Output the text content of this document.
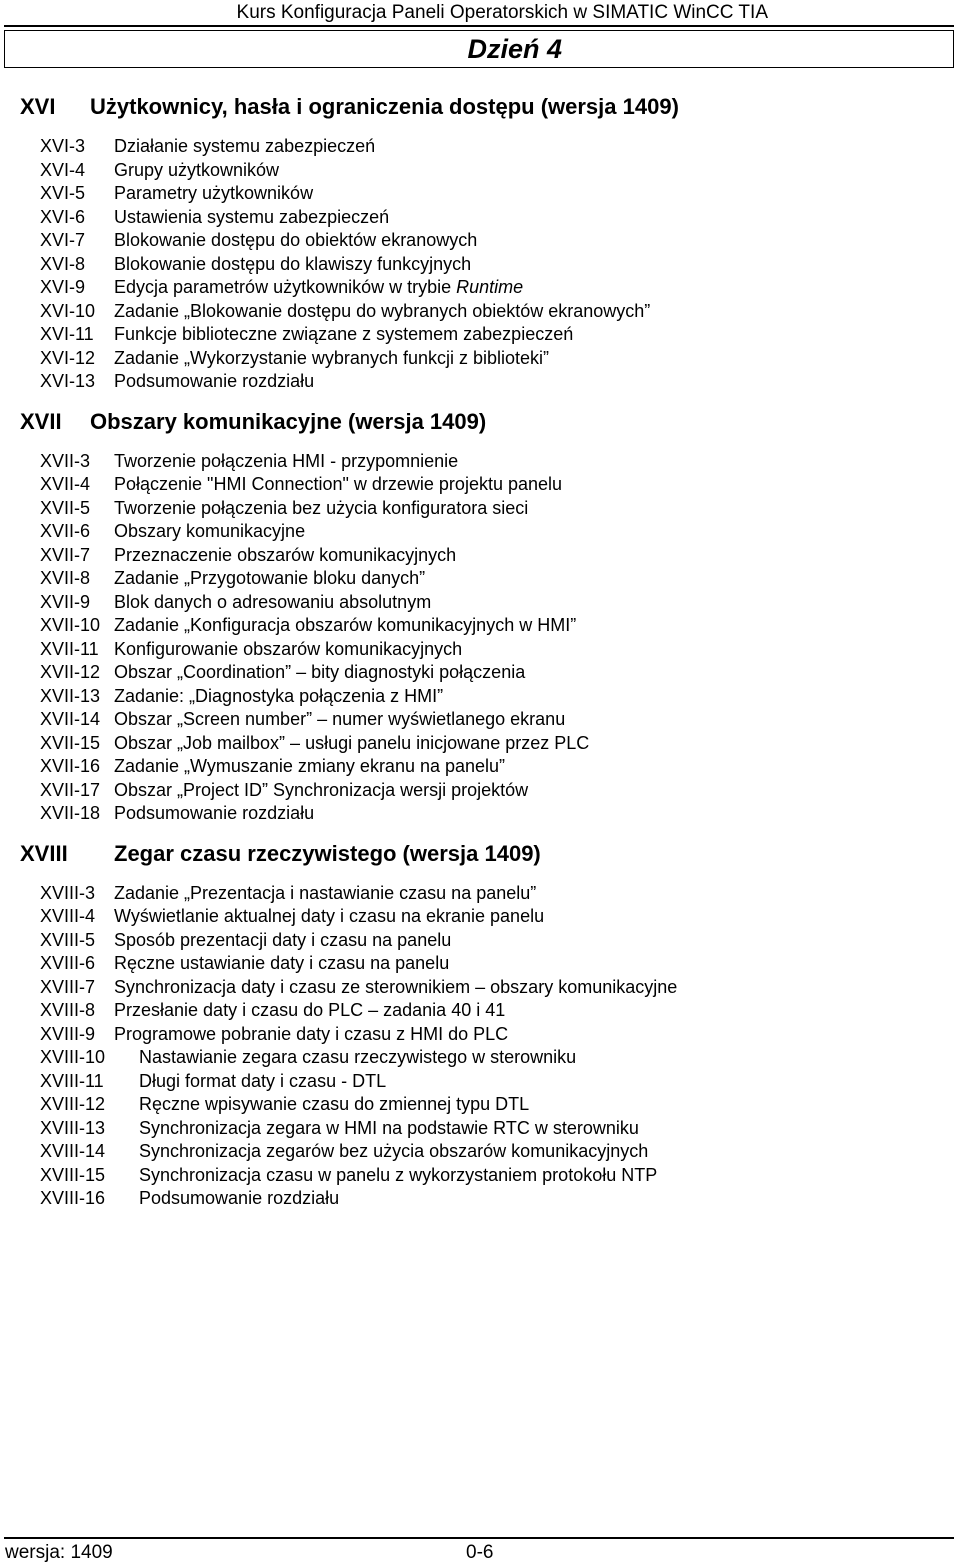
Kurs Konfiguracja Paneli Operatorskich w SIMATIC WinCC TIA
Dzień 4
XVI Użytkownicy, hasła i ograniczenia dostępu (wersja 1409)
XVI-3 Działanie systemu zabezpieczeń
XVI-4 Grupy użytkowników
XVI-5 Parametry użytkowników
XVI-6 Ustawienia systemu zabezpieczeń
XVI-7 Blokowanie dostępu do obiektów ekranowych
XVI-8 Blokowanie dostępu do klawiszy funkcyjnych
XVI-9 Edycja parametrów użytkowników w trybie Runtime
XVI-10 Zadanie „Blokowanie dostępu do wybranych obiektów ekranowych”
XVI-11 Funkcje biblioteczne związane z systemem zabezpieczeń
XVI-12 Zadanie „Wykorzystanie wybranych funkcji z biblioteki”
XVI-13 Podsumowanie rozdziału
XVII Obszary komunikacyjne (wersja 1409)
XVII-3 Tworzenie połączenia HMI - przypomnienie
XVII-4 Połączenie "HMI Connection" w drzewie projektu panelu
XVII-5 Tworzenie połączenia bez użycia konfiguratora sieci
XVII-6 Obszary komunikacyjne
XVII-7 Przeznaczenie obszarów komunikacyjnych
XVII-8 Zadanie „Przygotowanie bloku danych”
XVII-9 Blok danych o adresowaniu absolutnym
XVII-10 Zadanie „Konfiguracja obszarów komunikacyjnych w HMI”
XVII-11 Konfigurowanie obszarów komunikacyjnych
XVII-12 Obszar „Coordination” – bity diagnostyki połączenia
XVII-13 Zadanie: „Diagnostyka połączenia z HMI”
XVII-14 Obszar „Screen number” – numer wyświetlanego ekranu
XVII-15 Obszar „Job mailbox” – usługi panelu inicjowane przez PLC
XVII-16 Zadanie „Wymuszanie zmiany ekranu na panelu”
XVII-17 Obszar „Project ID” Synchronizacja wersji projektów
XVII-18 Podsumowanie rozdziału
XVIII Zegar czasu rzeczywistego (wersja 1409)
XVIII-3 Zadanie „Prezentacja i nastawianie czasu na panelu”
XVIII-4 Wyświetlanie aktualnej daty i czasu na ekranie panelu
XVIII-5 Sposób prezentacji daty i czasu na panelu
XVIII-6 Ręczne ustawianie daty i czasu na panelu
XVIII-7 Synchronizacja daty i czasu ze sterownikiem – obszary komunikacyjne
XVIII-8 Przesłanie daty i czasu do PLC – zadania 40 i 41
XVIII-9 Programowe pobranie daty i czasu z HMI do PLC
XVIII-10 Nastawianie zegara czasu rzeczywistego w sterowniku
XVIII-11 Długi format daty i czasu - DTL
XVIII-12 Ręczne wpisywanie czasu do zmiennej typu DTL
XVIII-13 Synchronizacja zegara w HMI na podstawie RTC w sterowniku
XVIII-14 Synchronizacja zegarów bez użycia obszarów komunikacyjnych
XVIII-15 Synchronizacja czasu w panelu z wykorzystaniem protokołu NTP
XVIII-16 Podsumowanie rozdziału
wersja: 1409	0-6
